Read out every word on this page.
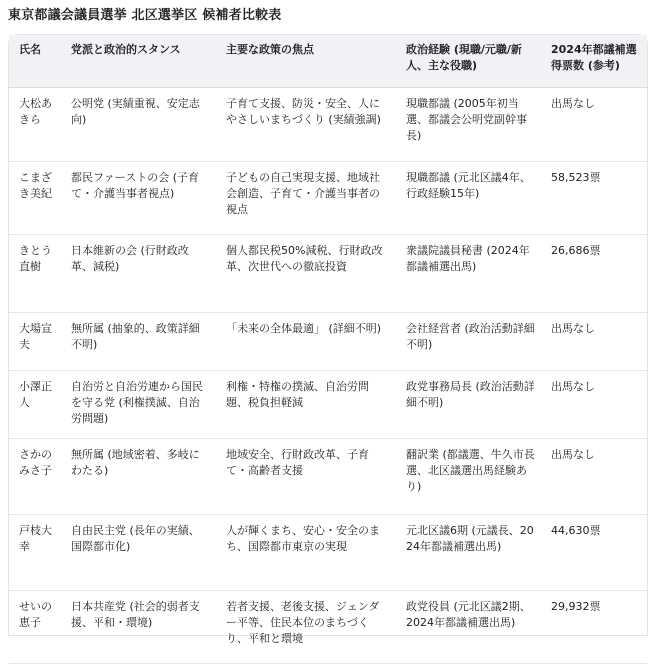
東京都議会議員選挙 北区選挙区 候補者比較表
氏名	党派と政治的スタンス	主要な政策の焦点	政治経験 (現職/元職/新人、主な役職)	2024年都議補選得票数 (参考)
大松あきら	公明党 (実績重視、安定志向)	子育て支援、防災・安全、人にやさしいまちづくり (実績強調)	現職都議 (2005年初当選、都議会公明党副幹事長)	出馬なし
こまざき美紀	都民ファーストの会 (子育て・介護当事者視点)	子どもの自己実現支援、地域社会創造、子育て・介護当事者の視点	現職都議 (元北区議4年、行政経験15年)	58,523票
きとう直樹	日本維新の会 (行財政改革、減税)	個人都民税50%減税、行財政改革、次世代への徹底投資	衆議院議員秘書 (2024年都議補選出馬)	26,686票
大場宣夫	無所属 (抽象的、政策詳細不明)	「未来の全体最適」 (詳細不明)	会社経営者 (政治活動詳細不明)	出馬なし
小澤正人	自治労と自治労連から国民を守る党 (利権撲滅、自治労問題)	利権・特権の撲滅、自治労問題、税負担軽減	政党事務局長 (政治活動詳細不明)	出馬なし
さかのみさ子	無所属 (地域密着、多岐にわたる)	地域安全、行財政改革、子育て・高齢者支援	翻訳業 (都議選、牛久市長選、北区議選出馬経験あり)	出馬なし
戸枝大幸	自由民主党 (長年の実績、国際都市化)	人が輝くまち、安心・安全のまち、国際都市東京の実現	元北区議6期 (元議長、2024年都議補選出馬)	44,630票
せいの恵子	日本共産党 (社会的弱者支援、平和・環境)	若者支援、老後支援、ジェンダー平等、住民本位のまちづくり、平和と環境	政党役員 (元北区議2期、2024年都議補選出馬)	29,932票
